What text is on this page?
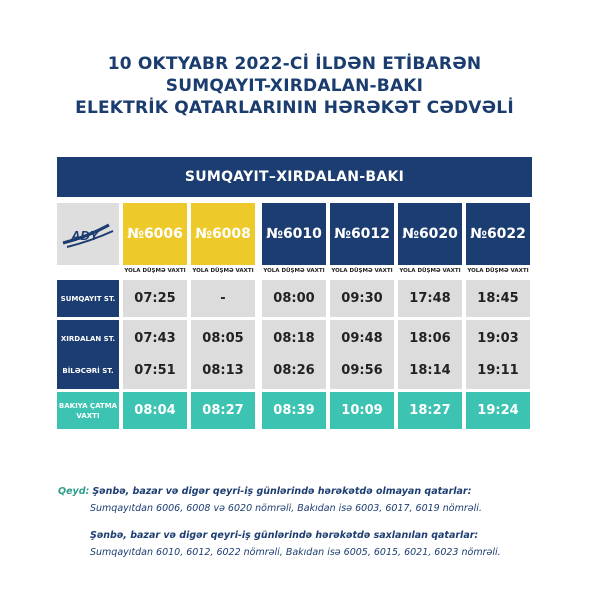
10 OKTYABR 2022-Cİ İLDƏN ETİBARƏN
SUMQAYIT-XIRDALAN-BAKI
ELEKTRİK QATARLARININ HƏRƏKƏT CƏDVƏLİ
SUMQAYIT–XIRDALAN-BAKI
ADY №6006 №6008 №6010 №6012 №6020 №6022
YOLA DÜŞMƏ VAXTI YOLA DÜŞMƏ VAXTI YOLA DÜŞMƏ VAXTI YOLA DÜŞMƏ VAXTI YOLA DÜŞMƏ VAXTI YOLA DÜŞMƏ VAXTI
SUMQAYIT ST.	07:25	-	08:00	09:30	17:48	18:45
XIRDALAN ST.	07:43	08:05	08:18	09:48	18:06	19:03
BİLƏCƏRİ ST.	07:51	08:13	08:26	09:56	18:14	19:11
BAKIYA ÇATMA VAXTI	08:04	08:27	08:39	10:09	18:27	19:24
Qeyd: Şənbə, bazar və digər qeyri-iş günlərində hərəkətdə olmayan qatarlar:
Sumqayıtdan 6006, 6008 və 6020 nömrəli, Bakıdan isə 6003, 6017, 6019 nömrəli.
Şənbə, bazar və digər qeyri-iş günlərində hərəkətdə saxlanılan qatarlar:
Sumqayıtdan 6010, 6012, 6022 nömrəli, Bakıdan isə 6005, 6015, 6021, 6023 nömrəli.
